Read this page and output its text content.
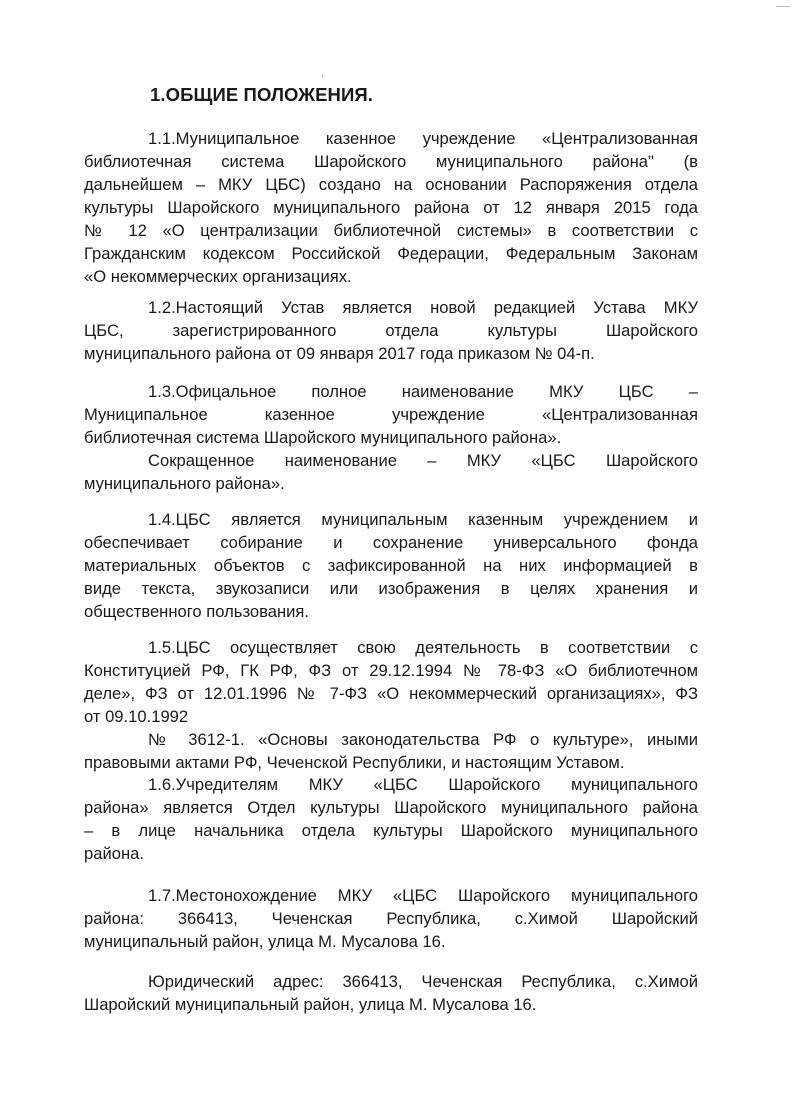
1.ОБЩИЕ ПОЛОЖЕНИЯ.
1.1.Муниципальное казенное учреждение «Централизованная
библиотечная система Шаройского муниципального района" (в
дальнейшем – МКУ ЦБС) создано на основании Распоряжения отдела
культуры Шаройского муниципального района от 12 января 2015 года
№ 12 «О централизации библиотечной системы» в соответствии с
Гражданским кодексом Российской Федерации, Федеральным Законам
«О некоммерческих организациях.
1.2.Настоящий Устав является новой редакцией Устава МКУ
ЦБС, зарегистрированного отдела культуры Шаройского
муниципального района от 09 января 2017 года приказом № 04-п.
1.3.Офицальное полное наименование МКУ ЦБС –
Муниципальное казенное учреждение «Централизованная
библиотечная система Шаройского муниципального района».
Сокращенное наименование – МКУ «ЦБС Шаройского
муниципального района».
1.4.ЦБС является муниципальным казенным учреждением и
обеспечивает собирание и сохранение универсального фонда
материальных объектов с зафиксированной на них информацией в
виде текста, звукозаписи или изображения в целях хранения и
общественного пользования.
1.5.ЦБС осуществляет свою деятельность в соответствии с
Конституцией РФ, ГК РФ, ФЗ от 29.12.1994 № 78-ФЗ «О библиотечном
деле», ФЗ от 12.01.1996 № 7-ФЗ «О некоммерческий организациях», ФЗ
от 09.10.1992
№ 3612-1. «Основы законодательства РФ о культуре», иными
правовыми актами РФ, Чеченской Республики, и настоящим Уставом.
1.6.Учредителям МКУ «ЦБС Шаройского муниципального
района» является Отдел культуры Шаройского муниципального района
– в лице начальника отдела культуры Шаройского муниципального
района.
1.7.Местонохождение МКУ «ЦБС Шаройского муниципального
района: 366413, Чеченская Республика, с.Химой Шаройский
муниципальный район, улица М. Мусалова 16.
Юридический адрес: 366413, Чеченская Республика, с.Химой
Шаройский муниципальный район, улица М. Мусалова 16.
